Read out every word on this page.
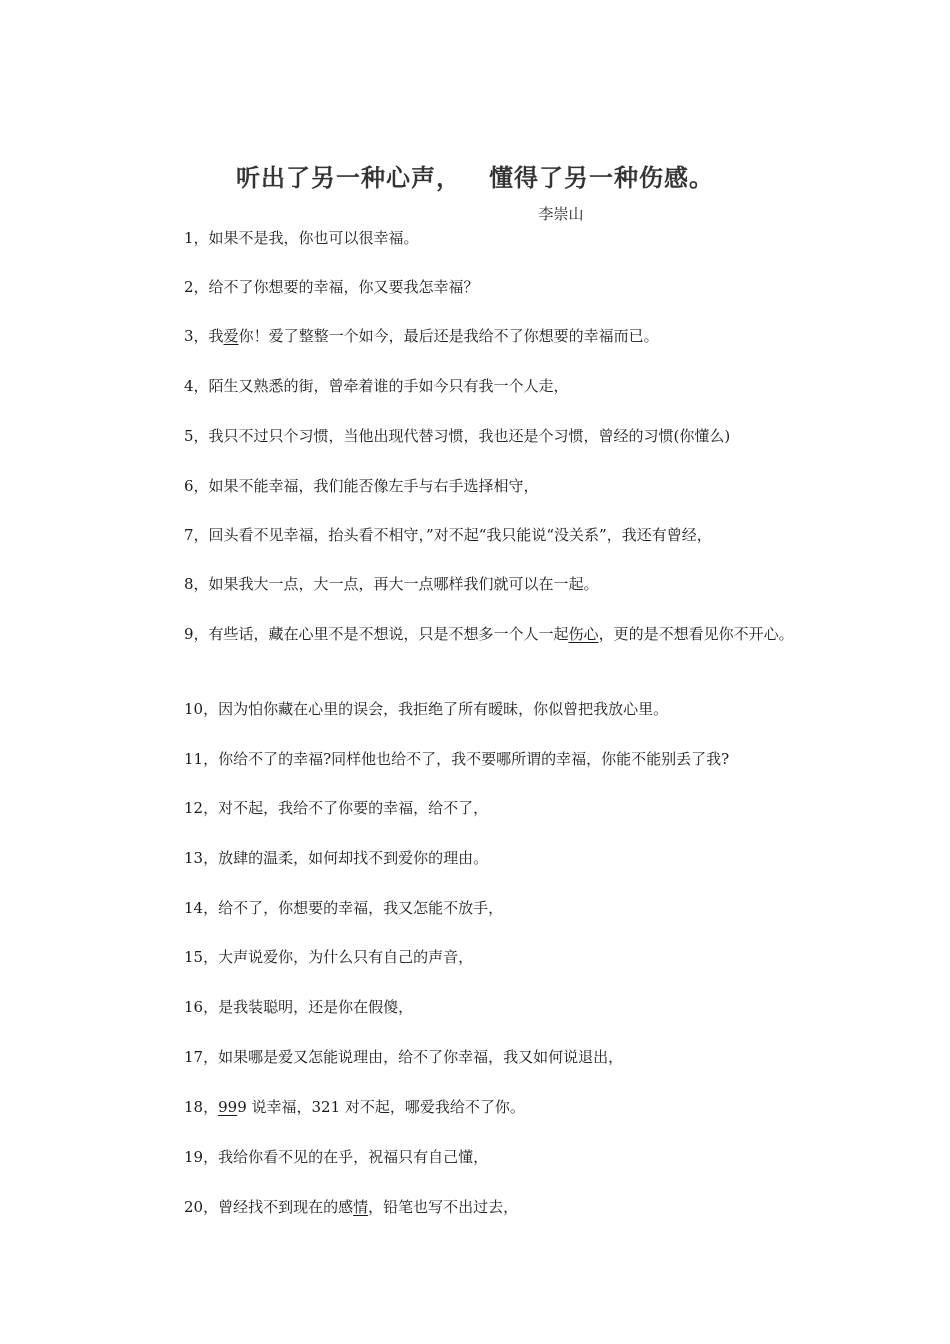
听出了另一种心声，   懂得了另一种伤感。
李崇山
1，如果不是我，你也可以很幸福。
2，给不了你想要的幸福，你又要我怎幸福？
3，我爱你！爱了整整一个如今，最后还是我给不了你想要的幸福而已。
4，陌生又熟悉的街，曾牵着谁的手如今只有我一个人走，
5，我只不过只个习惯，当他出现代替习惯，我也还是个习惯，曾经的习惯(你懂么)
6，如果不能幸福，我们能否像左手与右手选择相守，
7，回头看不见幸福，抬头看不相守，”对不起“我只能说“没关系”，我还有曾经，
8，如果我大一点，大一点，再大一点哪样我们就可以在一起。
9，有些话，藏在心里不是不想说，只是不想多一个人一起伤心，更的是不想看见你不开心。
10，因为怕你藏在心里的误会，我拒绝了所有暧昧，你似曾把我放心里。
11，你给不了的幸福?同样他也给不了，我不要哪所谓的幸福，你能不能别丢了我?
12，对不起，我给不了你要的幸福，给不了，
13，放肆的温柔，如何却找不到爱你的理由。
14，给不了，你想要的幸福，我又怎能不放手，
15，大声说爱你，为什么只有自己的声音，
16，是我装聪明，还是你在假傻，
17，如果哪是爱又怎能说理由，给不了你幸福，我又如何说退出，
18，999 说幸福，321 对不起，哪爱我给不了你。
19，我给你看不见的在乎，祝福只有自己懂，
20，曾经找不到现在的感情，铅笔也写不出过去，
